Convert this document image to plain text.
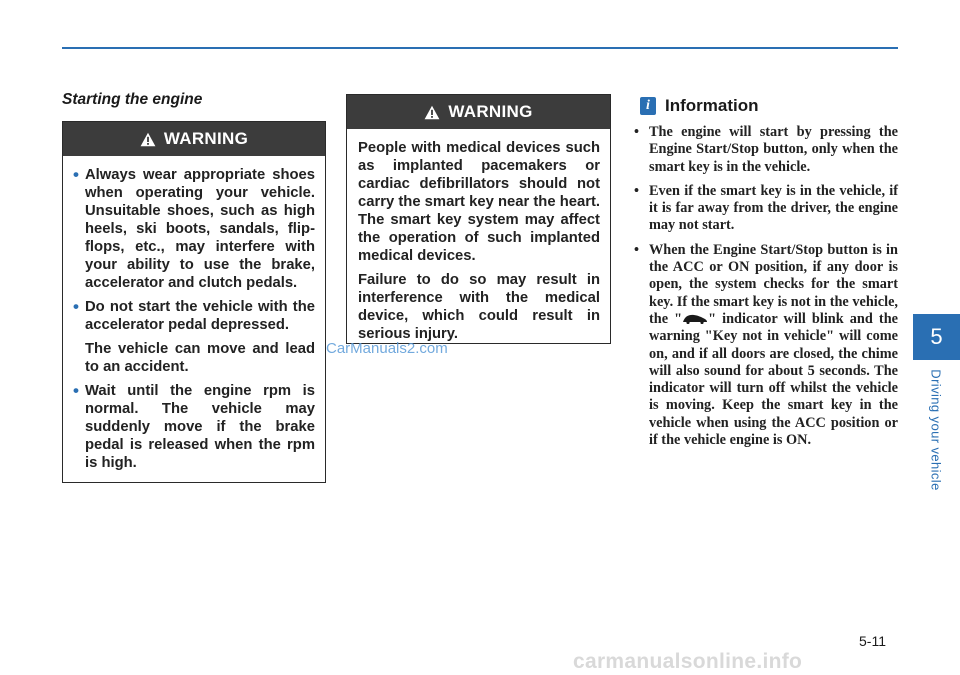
Starting the engine
WARNING

• Always wear appropriate shoes when operating your vehicle. Unsuitable shoes, such as high heels, ski boots, sandals, flip-flops, etc., may interfere with your ability to use the brake, accelerator and clutch pedals.

• Do not start the vehicle with the accelerator pedal depressed.

The vehicle can move and lead to an accident.

• Wait until the engine rpm is normal. The vehicle may suddenly move if the brake pedal is released when the rpm is high.

WARNING

People with medical devices such as implanted pacemakers or cardiac defibrillators should not carry the smart key near the heart. The smart key system may affect the operation of such implanted medical devices.

Failure to do so may result in interference with the medical device, which could result in serious injury.

CarManuals2.com
i Information
• The engine will start by pressing the Engine Start/Stop button, only when the smart key is in the vehicle.
• Even if the smart key is in the vehicle, if it is far away from the driver, the engine may not start.
• When the Engine Start/Stop button is in the ACC or ON position, if any door is open, the system checks for the smart key. If the smart key is not in the vehicle, the " " indicator will blink and the warning "Key not in vehicle" will come on, and if all doors are closed, the chime will also sound for about 5 seconds. The indicator will turn off whilst the vehicle is moving. Keep the smart key in the vehicle when using the ACC position or if the vehicle engine is ON.
5
Driving your vehicle
5-11
carmanualsonline.info
